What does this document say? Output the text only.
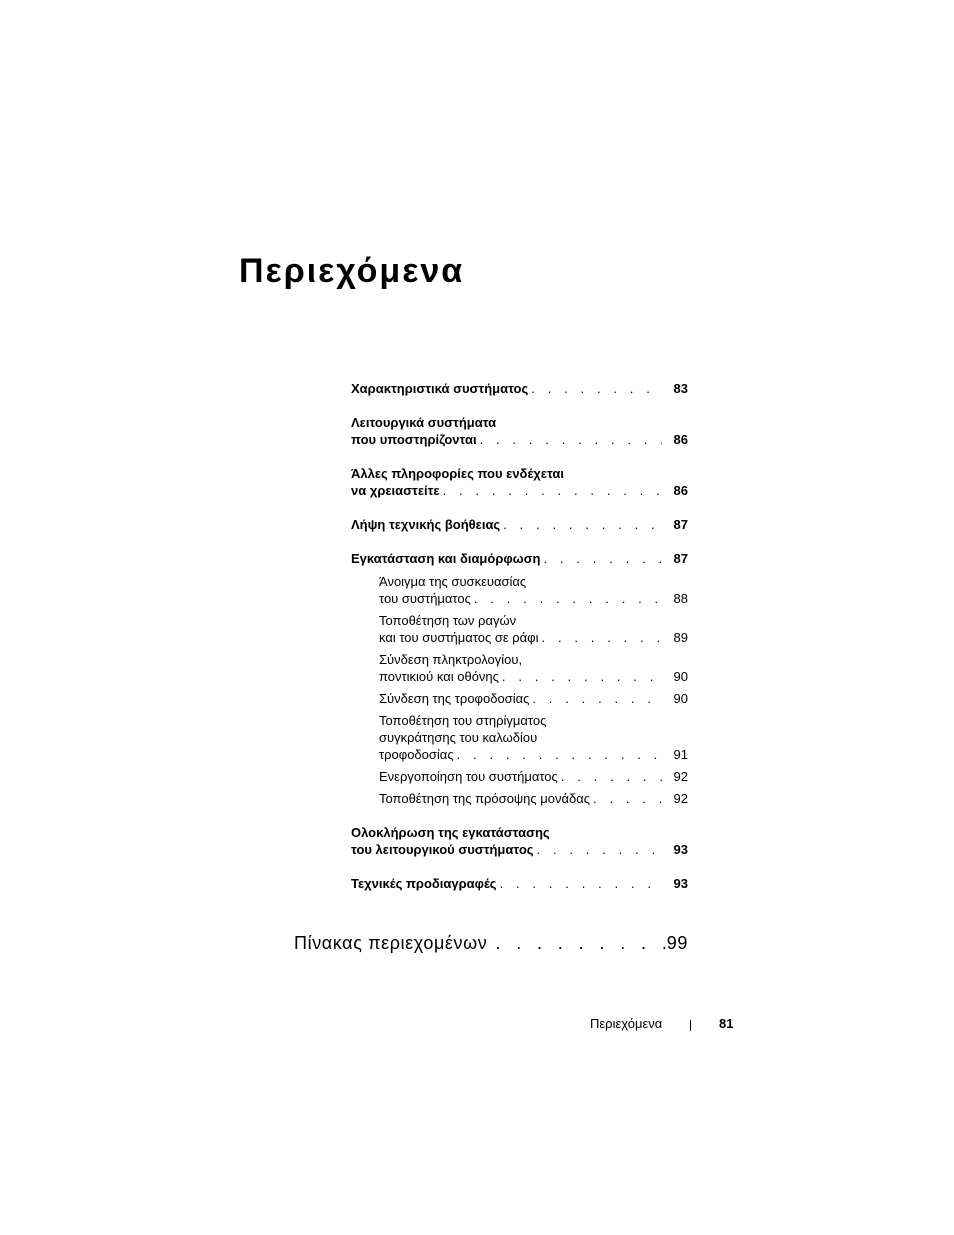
Περιεχόμενα
Χαρακτηριστικά συστήματος . . .	83
Λειτουργικά συστήματα
που υποστηρίζονται . . .	86
Άλλες πληροφορίες που ενδέχεται
να χρειαστείτε . . .	86
Λήψη τεχνικής βοήθειας . . .	87
Εγκατάσταση και διαμόρφωση . . .	87
Άνοιγμα της συσκευασίας
του συστήματος . . .	88
Τοποθέτηση των ραγών
και του συστήματος σε ράφι . . .	89
Σύνδεση πληκτρολογίου,
ποντικιού και οθόνης . . .	90
Σύνδεση της τροφοδοσίας . . .	90
Τοποθέτηση του στηρίγματος
συγκράτησης του καλωδίου
τροφοδοσίας . . .	91
Ενεργοποίηση του συστήματος . . .	92
Τοποθέτηση της πρόσοψης μονάδας . . .	92
Ολοκλήρωση της εγκατάστασης
του λειτουργικού συστήματος . . .	93
Τεχνικές προδιαγραφές . . .	93
Πίνακας περιεχομένων . . .	99
Περιεχόμενα	81
